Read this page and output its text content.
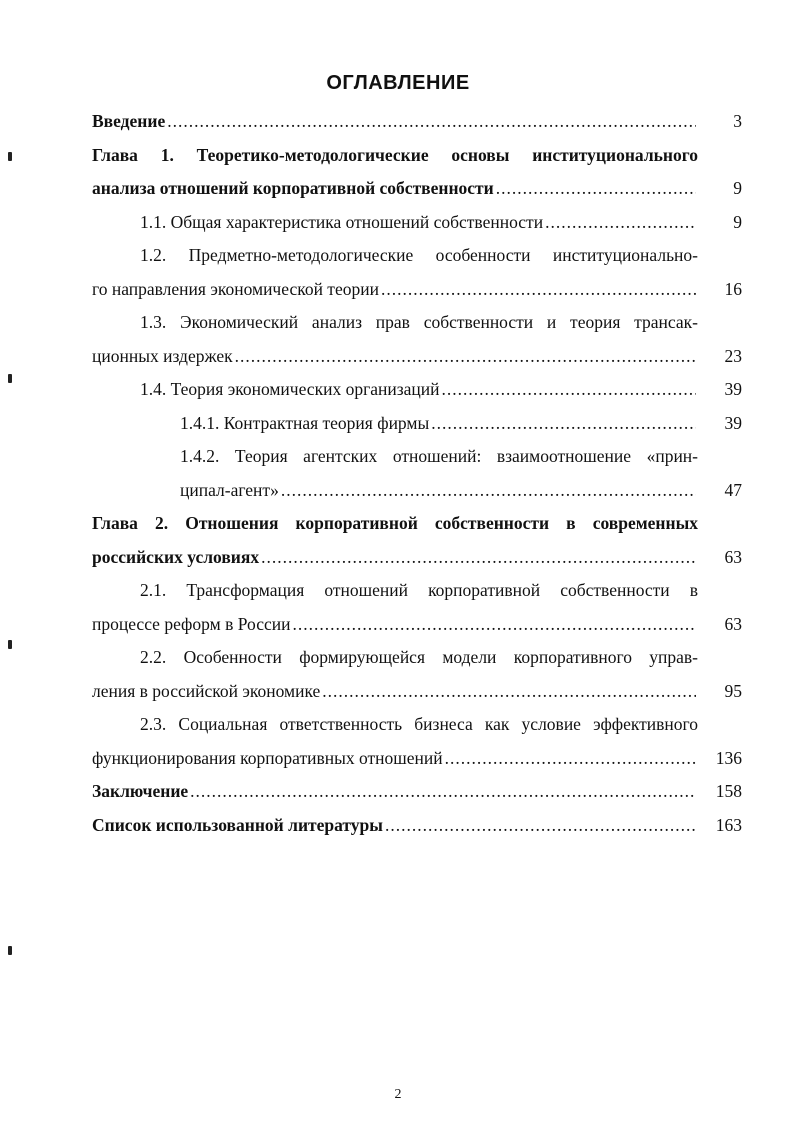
ОГЛАВЛЕНИЕ
Введение .....	3
Глава 1. Теоретико-методологические основы институционального
анализа отношений корпоративной собственности .....	9
1.1. Общая характеристика отношений собственности .....	9
1.2. Предметно-методологические особенности институционально-
го направления экономической теории .....	16
1.3. Экономический анализ прав собственности и теория трансак-
ционных издержек .....	23
1.4. Теория экономических организаций .....	39
1.4.1. Контрактная теория фирмы .....	39
1.4.2. Теория агентских отношений: взаимоотношение «прин-
ципал-агент» .....	47
Глава 2. Отношения корпоративной собственности в современных
российских условиях .....	63
2.1. Трансформация отношений корпоративной собственности в
процессе реформ в России .....	63
2.2. Особенности формирующейся модели корпоративного управ-
ления в российской экономике .....	95
2.3. Социальная ответственность бизнеса как условие эффективного
функционирования корпоративных отношений .....	136
Заключение .....	158
Список использованной литературы .....	163
2
